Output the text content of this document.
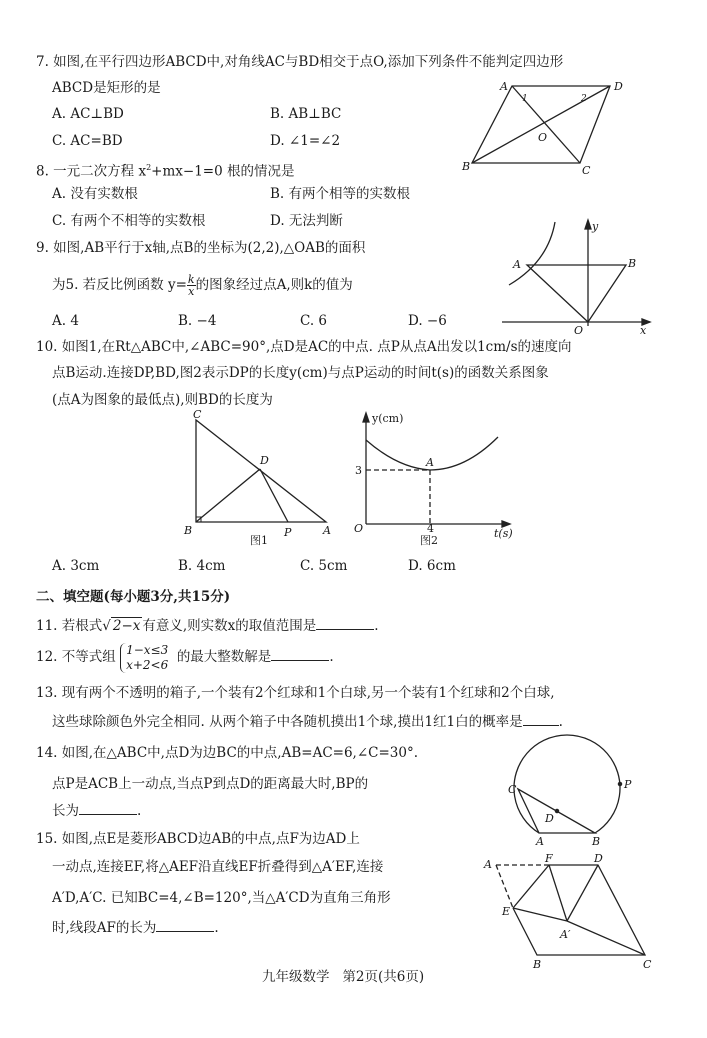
7. 如图,在平行四边形ABCD中,对角线AC与BD相交于点O,添加下列条件不能判定四边形
ABCD是矩形的是
A. AC⊥BD	B. AB⊥BC
C. AC=BD	D. ∠1=∠2
8. 一元二次方程 $x^2+mx-1=0$ 根的情况是
A. 没有实数根	B. 有两个相等的实数根
C. 有两个不相等的实数根	D. 无法判断
9. 如图,AB平行于x轴,点B的坐标为(2,2),△OAB的面积
为5. 若反比例函数 $y= \frac{k}{x}$ 的图象经过点A,则k的值为
A. 4	B. −4	C. 6	D. −6
10. 如图1,在Rt△ABC中,∠ABC=90°,点D是AC的中点. 点P从点A出发以1cm/s的速度向
点B运动.连接DP,BD,图2表示DP的长度y(cm)与点P运动的时间t(s)的函数关系图象
(点A为图象的最低点),则BD的长度为
A. 3cm	B. 4cm	C. 5cm	D. 6cm
二、填空题(每小题3分,共15分)
11. 若根式√ 2−x 有意义,则实数x的取值范围是	.
12. 不等式组 1−x≤3
x+2<6 的最大整数解是	.
13. 现有两个不透明的箱子,一个装有2个红球和1个白球,另一个装有1个红球和2个白球,
这些球除颜色外完全相同. 从两个箱子中各随机摸出1个球,摸出1红1白的概率是	.
14. 如图,在△ABC中,点D为边BC的中点,AB=AC=6,∠C=30°.
点P是ACB上一动点,当点P到点D的距离最大时,BP的
长为	.
15. 如图,点E是菱形ABCD边AB的中点,点F为边AD上
一动点,连接EF,将△AEF沿直线EF折叠得到△A′EF,连接
A′D,A′C. 已知BC=4,∠B=120°,当△A′CD为直角三角形
时,线段AF的长为	.
九年级数学   第2页(共6页)
A	D
B	C
O
1	2
A	B
O	x
y
C
D
B	P	A
图1
y(cm)
A
3
4
O	t(s)
图2
C	P
D
A	B
A	F	D
E
A′
B	C
